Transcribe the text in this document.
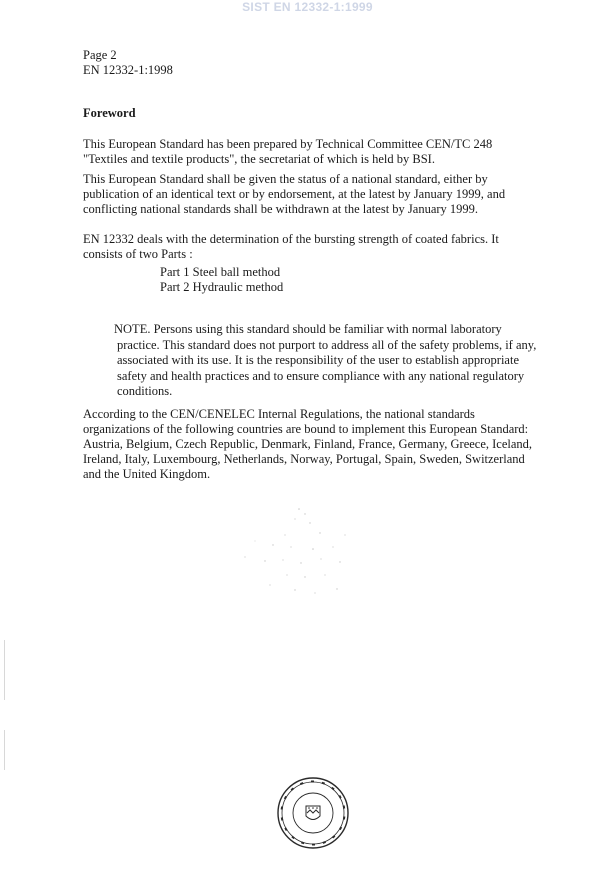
SIST EN 12332-1:1999
Page 2
EN 12332-1:1998
Foreword

This European Standard has been prepared by Technical Committee CEN/TC 248

"Textiles and textile products", the secretariat of which is held by BSI.

This European Standard shall be given the status of a national standard, either by

publication of an identical text or by endorsement, at the latest by January 1999, and

conflicting national standards shall be withdrawn at the latest by January 1999.

EN 12332 deals with the determination of the bursting strength of coated fabrics. It

consists of two Parts :

Part 1 Steel ball method

Part 2 Hydraulic method

NOTE. Persons using this standard should be familiar with normal laboratory

practice. This standard does not purport to address all of the safety problems, if any,

associated with its use. It is the responsibility of the user to establish appropriate

safety and health practices and to ensure compliance with any national regulatory

conditions.

According to the CEN/CENELEC Internal Regulations, the national standards

organizations of the following countries are bound to implement this European Standard:

Austria, Belgium, Czech Republic, Denmark, Finland, France, Germany, Greece, Iceland,

Ireland, Italy, Luxembourg, Netherlands, Norway, Portugal, Spain, Sweden, Switzerland

and the United Kingdom.
